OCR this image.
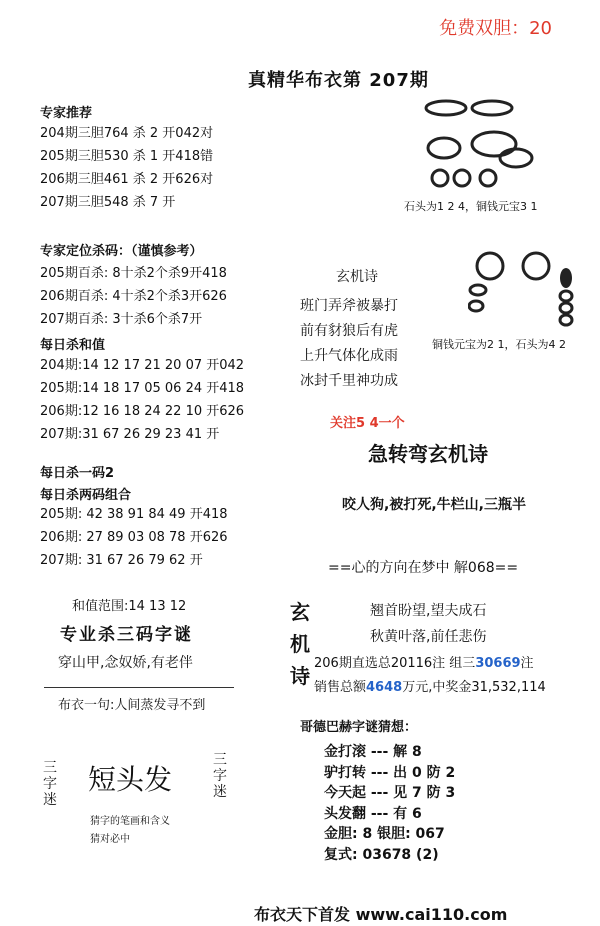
免费双胆：20
真精华布衣第 207期
专家推荐
204期三胆764 杀 2 开042对
205期三胆530 杀 1 开418错
206期三胆461 杀 2 开626对
207期三胆548 杀 7 开
专家定位杀码：（谨慎参考）
205期百杀: 8十杀2个杀9开418
206期百杀: 4十杀2个杀3开626
207期百杀: 3十杀6个杀7开
每日杀和值
204期:14 12 17 21 20 07 开042
205期:14 18 17 05 06 24 开418
206期:12 16 18 24 22 10 开626
207期:31 67 26 29 23 41 开
每日杀一码2
每日杀两码组合
205期: 42 38 91 84 49 开418
206期: 27 89 03 08 78 开626
207期: 31 67 26 79 62 开
和值范围:14 13 12
专业杀三码字谜
穿山甲,念奴娇,有老伴
布衣一句:人间蒸发寻不到
三字迷
短头发
三字迷
猜字的笔画和含义
猜对必中
石头为1 2 4，铜钱元宝3 1
玄机诗
班门弄斧被暴打
前有豺狼后有虎
上升气体化成雨
冰封千里神功成
铜钱元宝为2 1，石头为4 2
关注5 4一个
急转弯玄机诗
咬人狗,被打死,牛栏山,三瓶半
==心的方向在梦中 解068==
玄
机
诗
翘首盼望,望夫成石
秋黄叶落,前任悲伤
206期直选总20116注 组三30669注
销售总额4648万元,中奖金31,532,114
哥德巴赫字谜猜想：
金打滚 --- 解 8
驴打转 --- 出 0 防 2
今天起 --- 见 7 防 3
头发翻 --- 有 6
金胆: 8 银胆: 067
复式: 03678 (2)
布衣天下首发 www.cai110.com
